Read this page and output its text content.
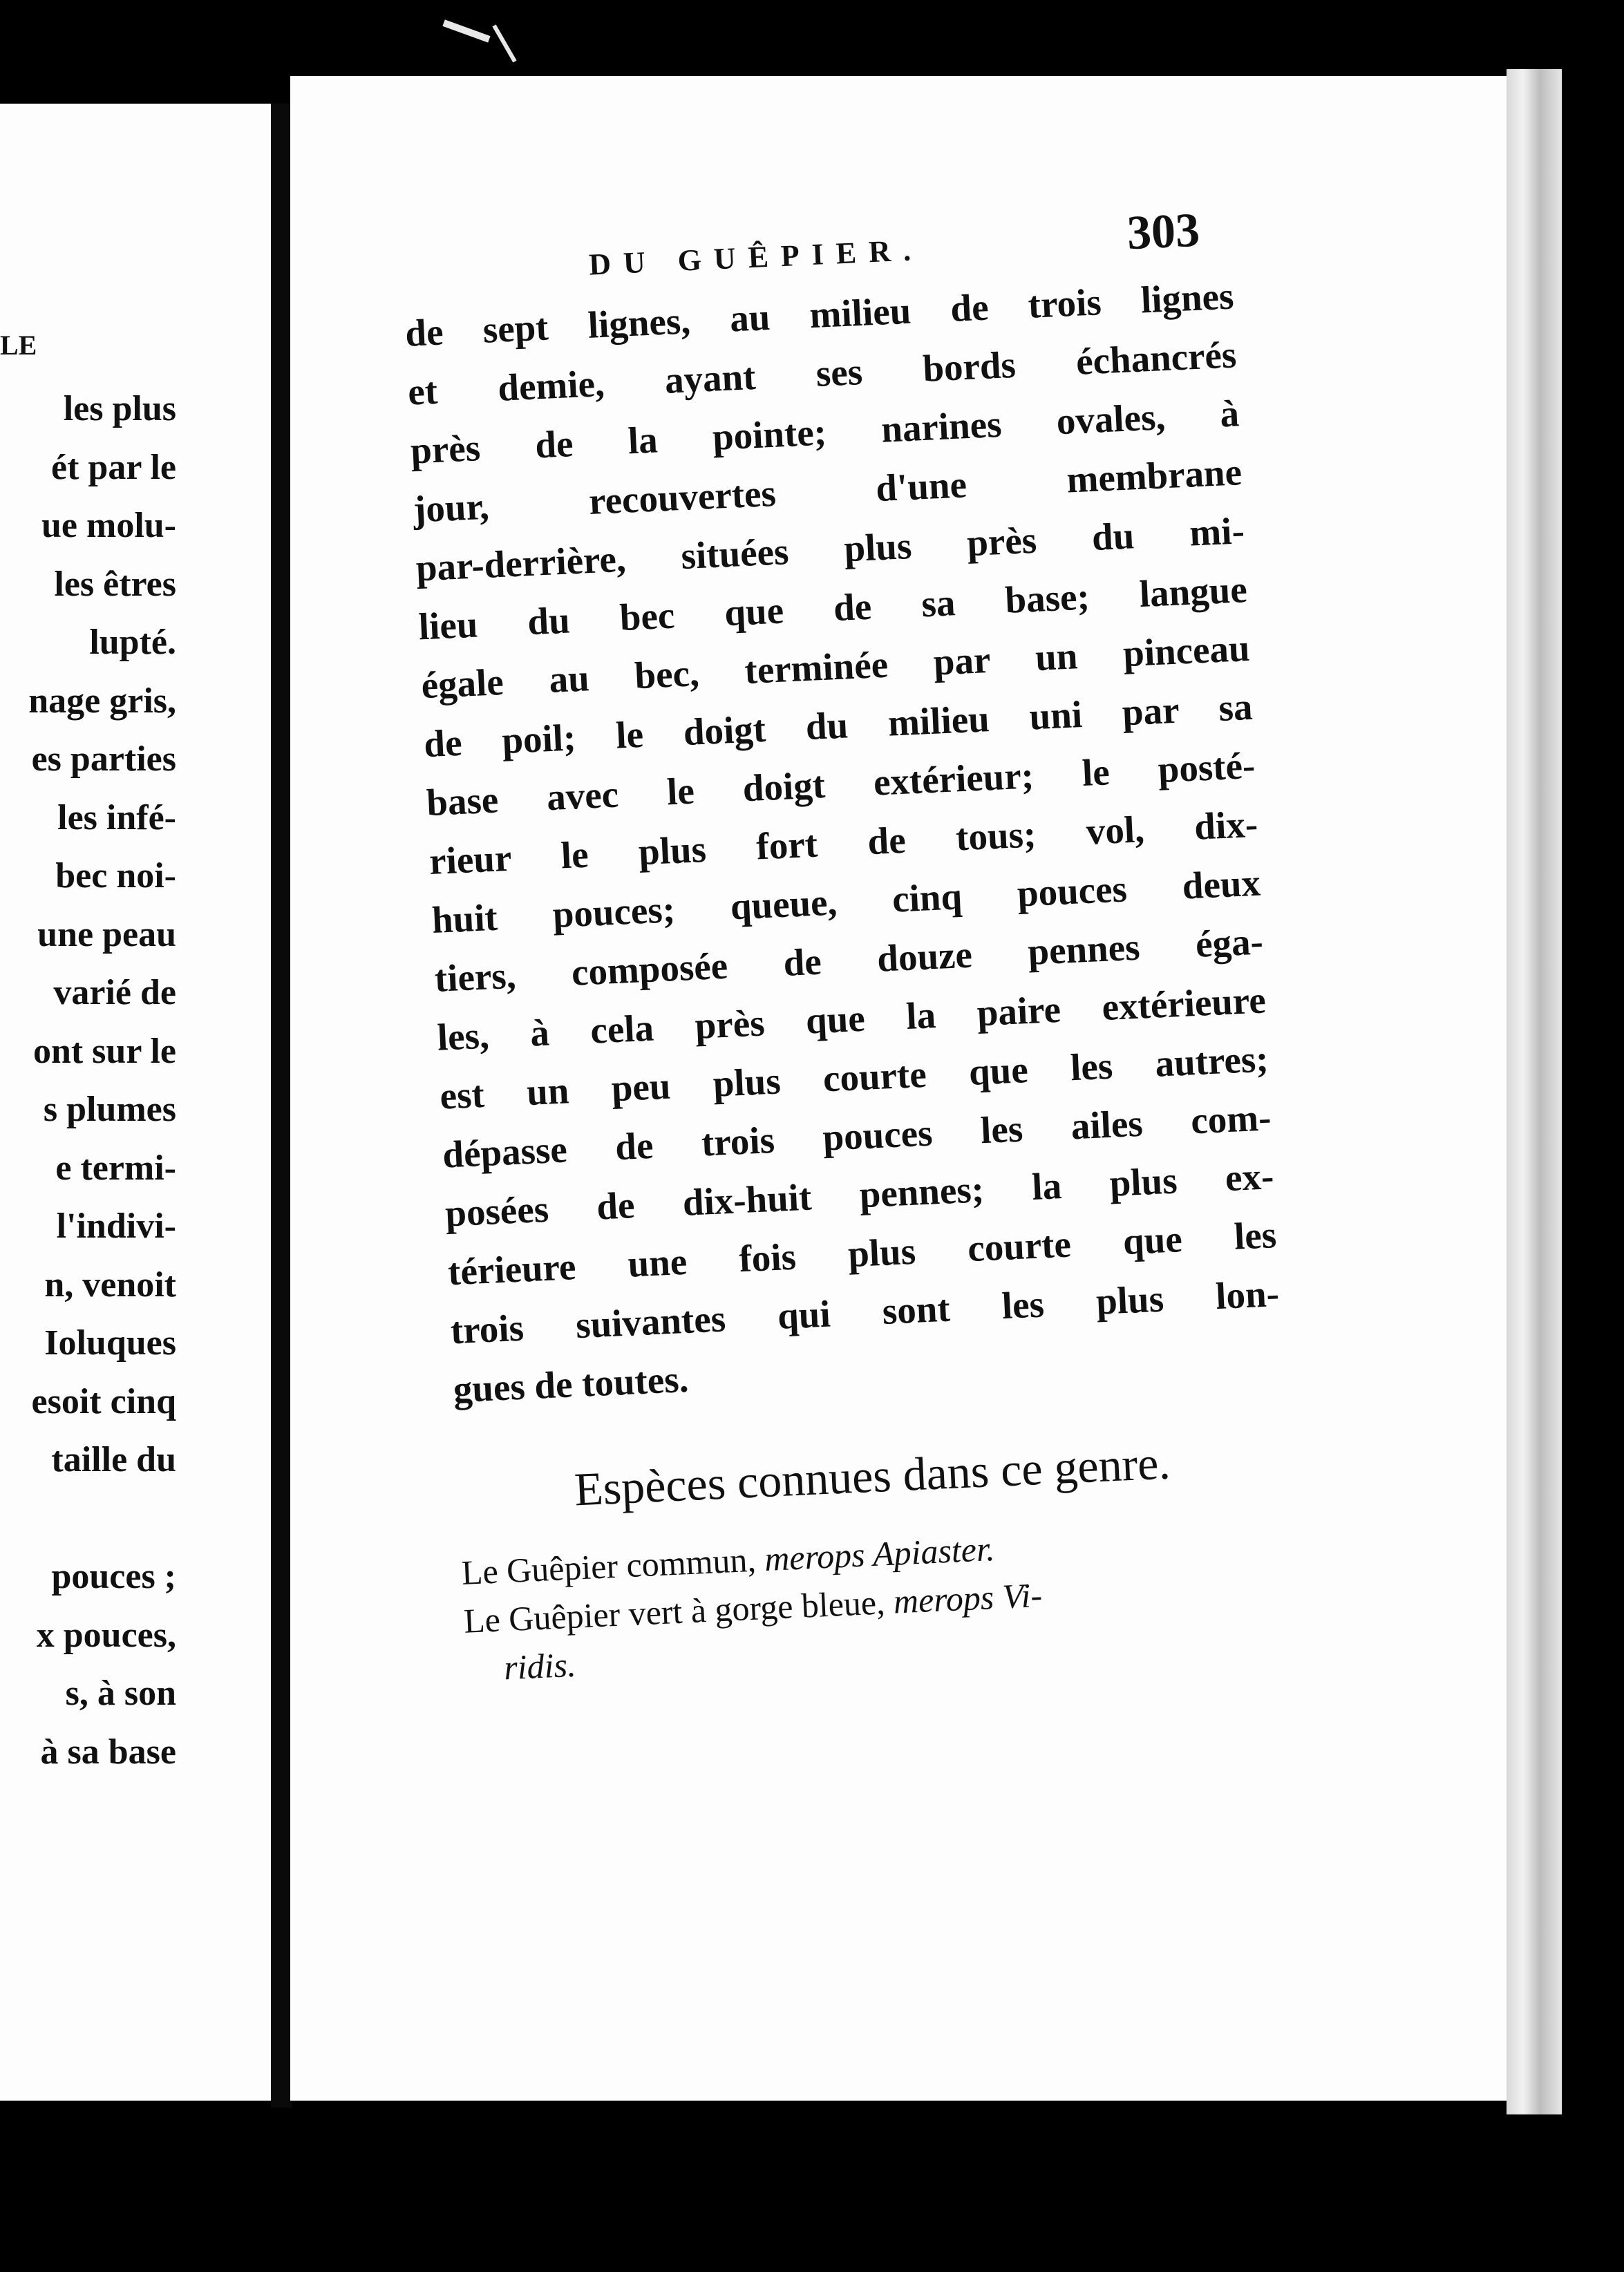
LE
les plus
ét par le
ue molu-
les êtres
lupté.
nage gris,
es parties
les infé-
bec noi-
une peau
varié de
ont sur le
s plumes
e termi-
l'indivi-
n, venoit
Ioluques
esoit cinq
taille du
pouces ;
x pouces,
s, à son
à sa base
DU GUÊPIER.	303
de sept lignes, au milieu de trois lignes
et demie, ayant ses bords échancrés
près de la pointe; narines ovales, à
jour, recouvertes d'une membrane
par-derrière, situées plus près du mi-
lieu du bec que de sa base; langue
égale au bec, terminée par un pinceau
de poil; le doigt du milieu uni par sa
base avec le doigt extérieur; le posté-
rieur le plus fort de tous; vol, dix-
huit pouces; queue, cinq pouces deux
tiers, composée de douze pennes éga-
les, à cela près que la paire extérieure
est un peu plus courte que les autres;
dépasse de trois pouces les ailes com-
posées de dix-huit pennes; la plus ex-
térieure une fois plus courte que les
trois suivantes qui sont les plus lon-
gues de toutes.
Espèces connues dans ce genre.
Le Guêpier commun, merops Apiaster.
Le Guêpier vert à gorge bleue, merops Vi-
ridis.
